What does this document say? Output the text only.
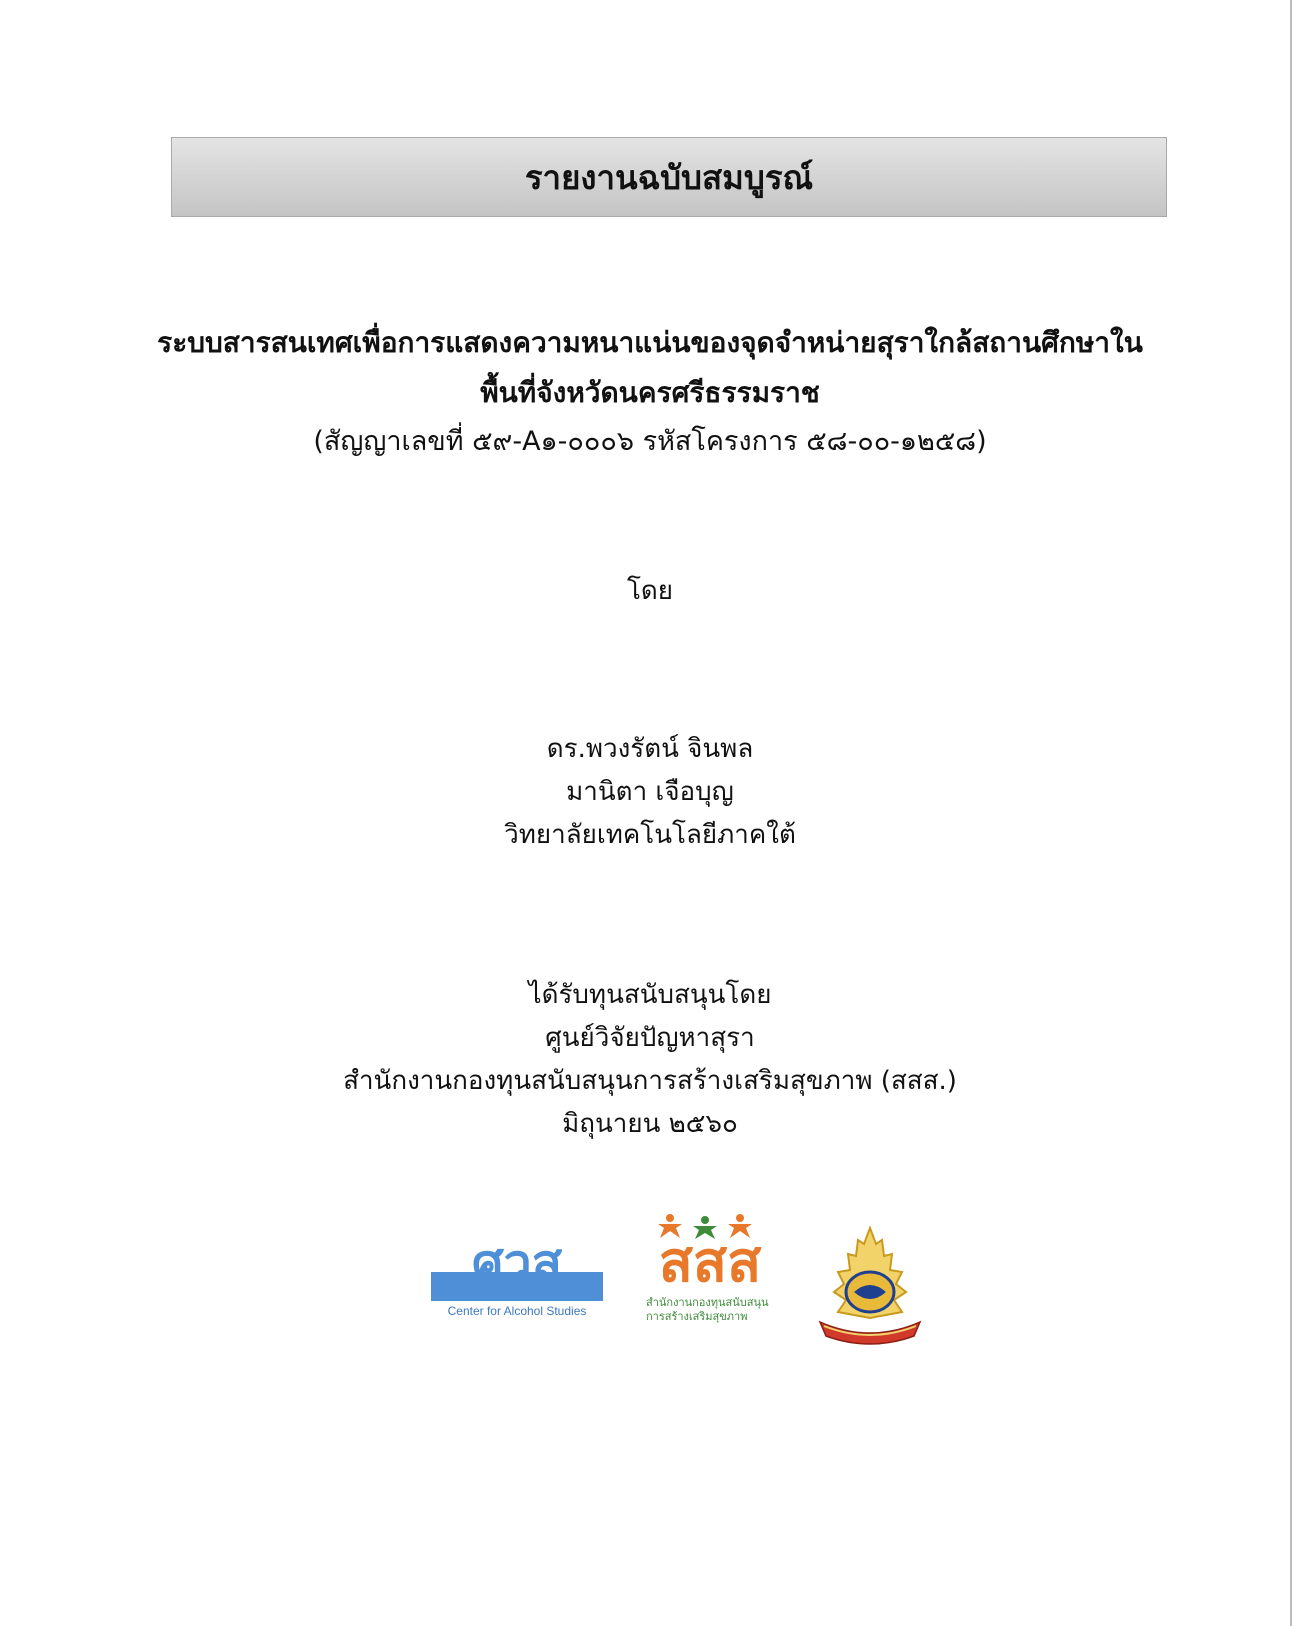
รายงานฉบับสมบูรณ์
ระบบสารสนเทศเพื่อการแสดงความหนาแน่นของจุดจำหน่ายสุราใกล้สถานศึกษาใน
พื้นที่จังหวัดนครศรีธรรมราช
(สัญญาเลขที่ ๕๙-A๑-๐๐๐๖ รหัสโครงการ ๕๘-๐๐-๑๒๕๘)
โดย
ดร.พวงรัตน์ จินพล
มานิตา เจือบุญ
วิทยาลัยเทคโนโลยีภาคใต้
ได้รับทุนสนับสนุนโดย
ศูนย์วิจัยปัญหาสุรา
สำนักงานกองทุนสนับสนุนการสร้างเสริมสุขภาพ (สสส.)
มิถุนายน ๒๕๖๐
ศวส
Center for Alcohol Studies
สสส
สำนักงานกองทุนสนับสนุน
การสร้างเสริมสุขภาพ
